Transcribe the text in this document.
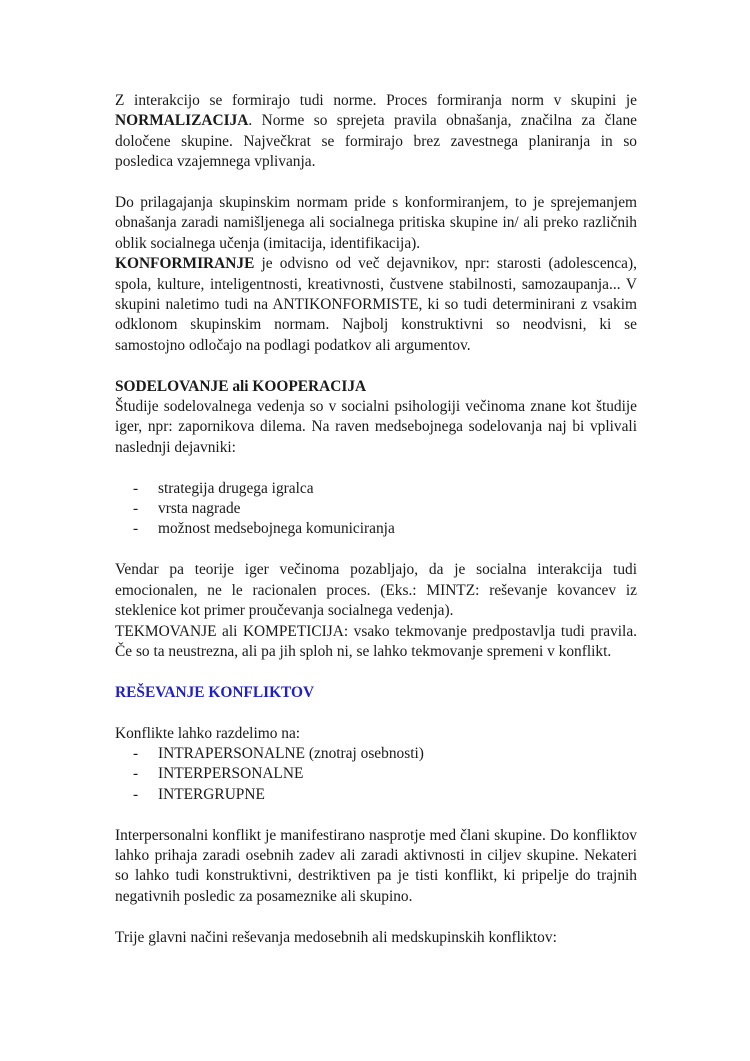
Z interakcijo se formirajo tudi norme. Proces formiranja norm v skupini je NORMALIZACIJA. Norme so sprejeta pravila obnašanja, značilna za člane določene skupine. Največkrat se formirajo brez zavestnega planiranja in so posledica vzajemnega vplivanja.

Do prilagajanja skupinskim normam pride s konformiranjem, to je sprejemanjem obnašanja zaradi namišljenega ali socialnega pritiska skupine in/ ali preko različnih oblik socialnega učenja (imitacija, identifikacija).

KONFORMIRANJE je odvisno od več dejavnikov, npr: starosti (adolescenca), spola, kulture, inteligentnosti, kreativnosti, čustvene stabilnosti, samozaupanja... V skupini naletimo tudi na ANTIKONFORMISTE, ki so tudi determinirani z vsakim odklonom skupinskim normam. Najbolj konstruktivni so neodvisni, ki se samostojno odločajo na podlagi podatkov ali argumentov.

SODELOVANJE ali KOOPERACIJA

Študije sodelovalnega vedenja so v socialni psihologiji večinoma znane kot študije iger, npr: zapornikova dilema. Na raven medsebojnega sodelovanja naj bi vplivali naslednji dejavniki:

- strategija drugega igralca
- vrsta nagrade
- možnost medsebojnega komuniciranja

Vendar pa teorije iger večinoma pozabljajo, da je socialna interakcija tudi emocionalen, ne le racionalen proces. (Eks.: MINTZ: reševanje kovancev iz steklenice kot primer proučevanja socialnega vedenja).

TEKMOVANJE ali KOMPETICIJA: vsako tekmovanje predpostavlja tudi pravila. Če so ta neustrezna, ali pa jih sploh ni, se lahko tekmovanje spremeni v konflikt.

REŠEVANJE KONFLIKTOV

Konflikte lahko razdelimo na:

- INTRAPERSONALNE (znotraj osebnosti)
- INTERPERSONALNE
- INTERGRUPNE

Interpersonalni konflikt je manifestirano nasprotje med člani skupine. Do konfliktov lahko prihaja zaradi osebnih zadev ali zaradi aktivnosti in ciljev skupine. Nekateri so lahko tudi konstruktivni, destriktiven pa je tisti konflikt, ki pripelje do trajnih negativnih posledic za posameznike ali skupino.

Trije glavni načini reševanja medosebnih ali medskupinskih konfliktov:
